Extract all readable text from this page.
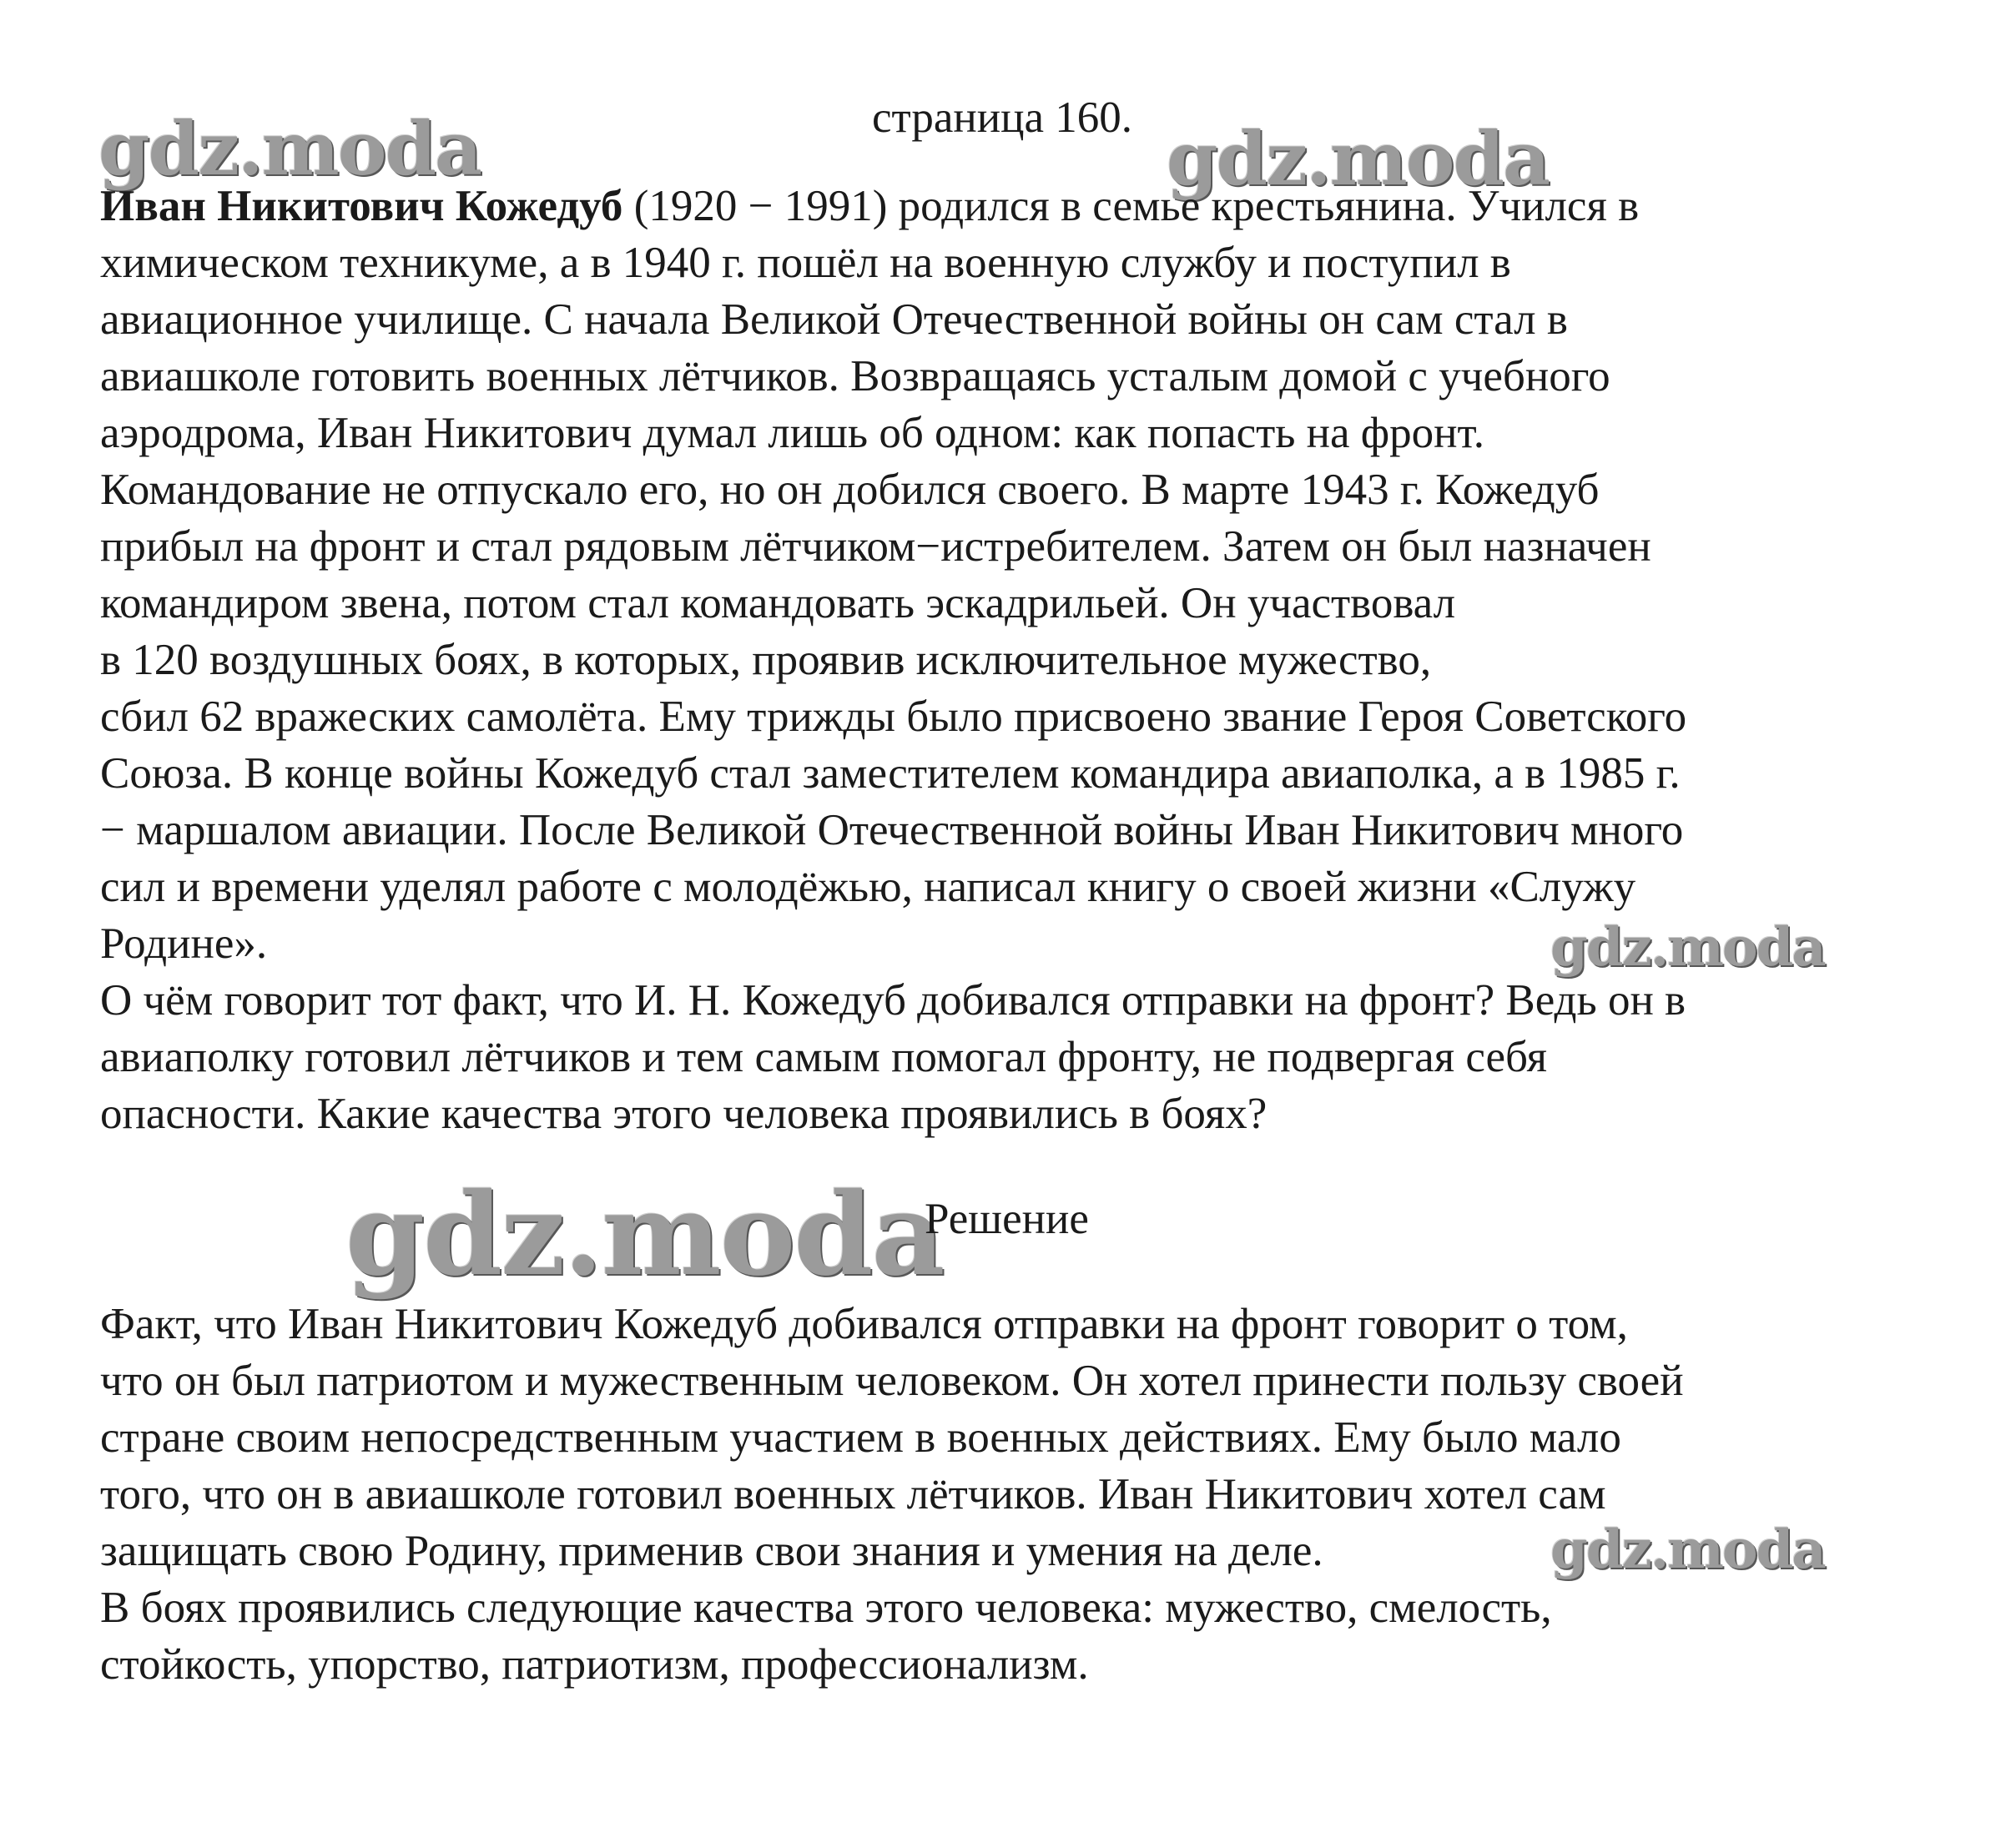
страница 160.
gdz.moda	gdz.moda
Иван Никитович Кожедуб (1920 − 1991) родился в семье крестьянина. Учился в
химическом техникуме, а в 1940 г. пошёл на военную службу и поступил в
авиационное училище. С начала Великой Отечественной войны он сам стал в
авиашколе готовить военных лётчиков. Возвращаясь усталым домой с учебного
аэродрома, Иван Никитович думал лишь об одном: как попасть на фронт.
Командование не отпускало его, но он добился своего. В марте 1943 г. Кожедуб
прибыл на фронт и стал рядовым лётчиком−истребителем. Затем он был назначен
командиром звена, потом стал командовать эскадрильей. Он участвовал
в 120 воздушных боях, в которых, проявив исключительное мужество,
сбил 62 вражеских самолёта. Ему трижды было присвоено звание Героя Советского
Союза. В конце войны Кожедуб стал заместителем командира авиаполка, а в 1985 г.
− маршалом авиации. После Великой Отечественной войны Иван Никитович много
сил и времени уделял работе с молодёжью, написал книгу о своей жизни «Служу
Родине».	gdz.moda
О чём говорит тот факт, что И. Н. Кожедуб добивался отправки на фронт? Ведь он в
авиаполку готовил лётчиков и тем самым помогал фронту, не подвергая себя
опасности. Какие качества этого человека проявились в боях?
gdz.moda
Решение
Факт, что Иван Никитович Кожедуб добивался отправки на фронт говорит о том,
что он был патриотом и мужественным человеком. Он хотел принести пользу своей
стране своим непосредственным участием в военных действиях. Ему было мало
того, что он в авиашколе готовил военных лётчиков. Иван Никитович хотел сам
защищать свою Родину, применив свои знания и умения на деле.
В боях проявились следующие качества этого человека: мужество, смелость,
стойкость, упорство, патриотизм, профессионализм.
gdz.moda
